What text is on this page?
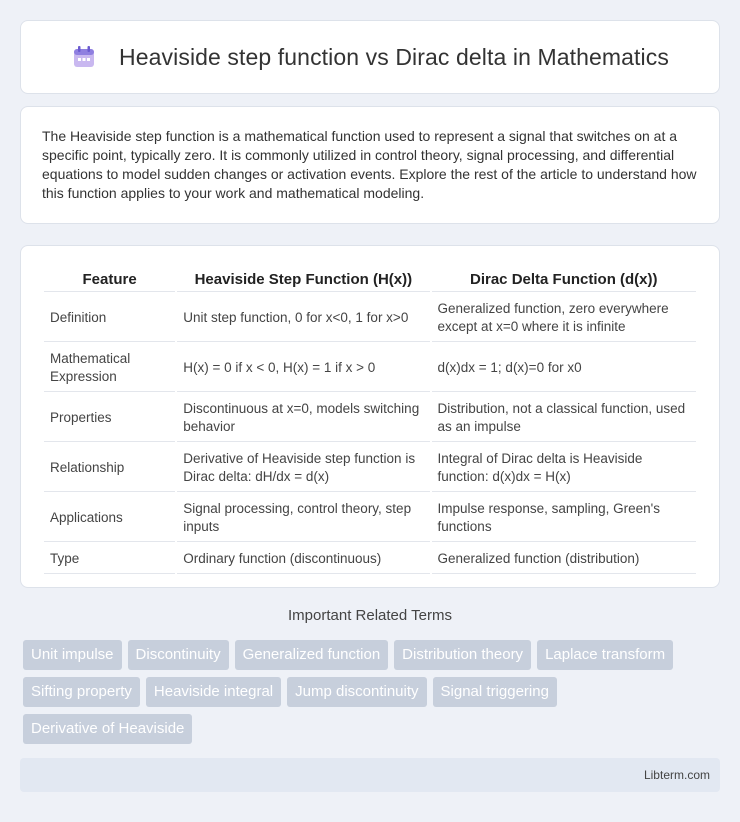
Heaviside step function vs Dirac delta in Mathematics

The Heaviside step function is a mathematical function used to represent a signal that switches on at a specific point, typically zero. It is commonly utilized in control theory, signal processing, and differential equations to model sudden changes or activation events. Explore the rest of the article to understand how this function applies to your work and mathematical modeling.

Feature	Heaviside Step Function (H(x))	Dirac Delta Function (d(x))
Definition	Unit step function, 0 for x<0, 1 for x>0	Generalized function, zero everywhere except at x=0 where it is infinite
Mathematical Expression	H(x) = 0 if x < 0, H(x) = 1 if x > 0	d(x)dx = 1; d(x)=0 for x0
Properties	Discontinuous at x=0, models switching behavior	Distribution, not a classical function, used as an impulse
Relationship	Derivative of Heaviside step function is Dirac delta: dH/dx = d(x)	Integral of Dirac delta is Heaviside function: d(x)dx = H(x)
Applications	Signal processing, control theory, step inputs	Impulse response, sampling, Green's functions
Type	Ordinary function (discontinuous)	Generalized function (distribution)
Important Related Terms
Unit impulse	Discontinuity	Generalized function	Distribution theory	Laplace transform
Sifting property	Heaviside integral	Jump discontinuity	Signal triggering
Derivative of Heaviside
Libterm.com
